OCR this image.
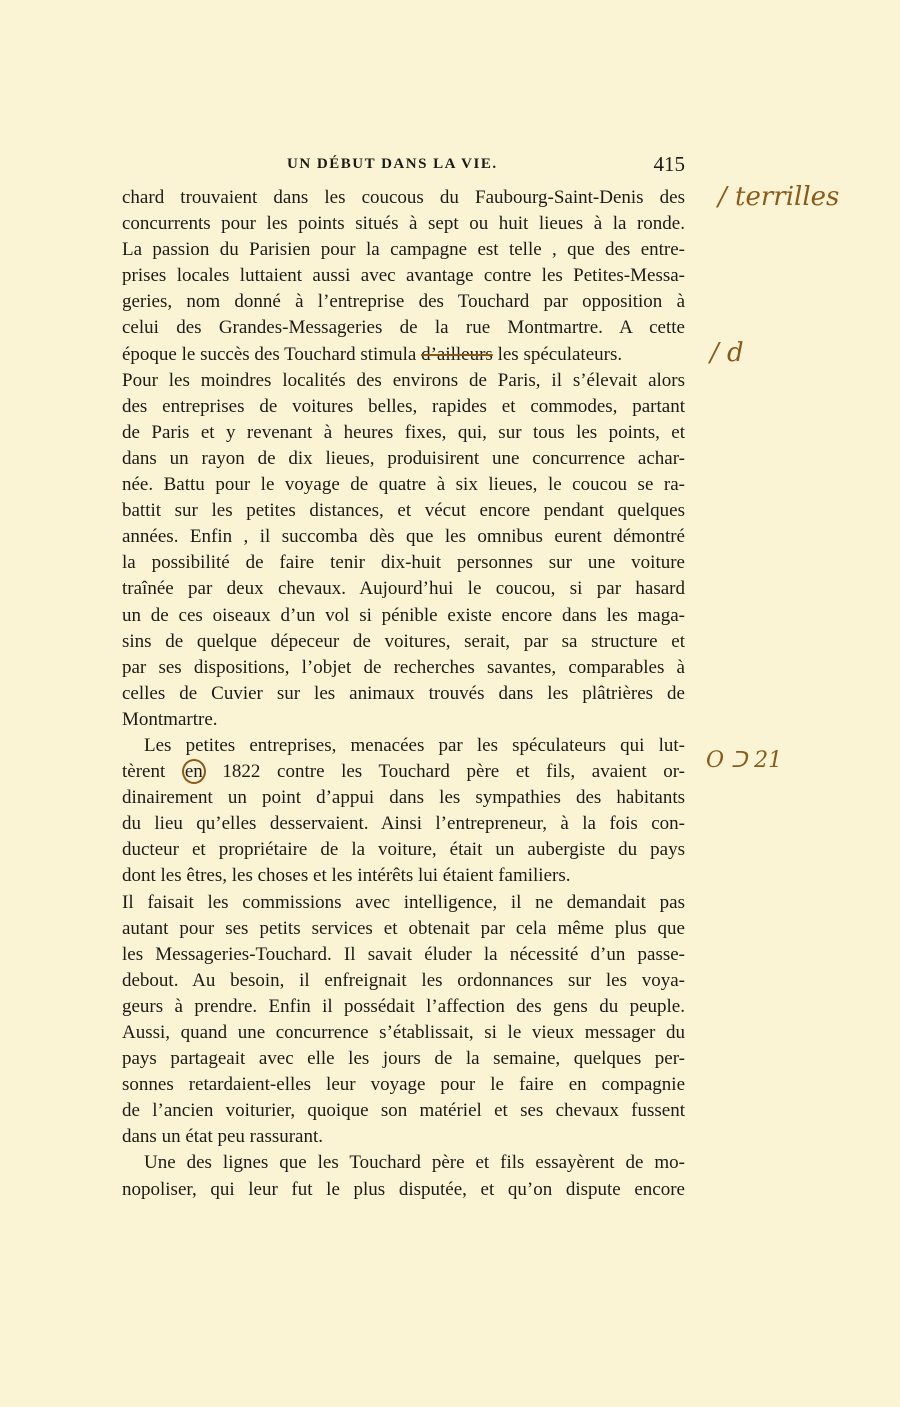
UN DÉBUT DANS LA VIE.	415
chard trouvaient dans les coucous du Faubourg-Saint-Denis des
concurrents pour les points situés à sept ou huit lieues à la ronde.
La passion du Parisien pour la campagne est telle , que des entre-
prises locales luttaient aussi avec avantage contre les Petites-Messa-
geries, nom donné à l’entreprise des Touchard par opposition à
celui des Grandes-Messageries de la rue Montmartre. A cette
époque le succès des Touchard stimula d’ailleurs les spéculateurs.
Pour les moindres localités des environs de Paris, il s’élevait alors
des entreprises de voitures belles, rapides et commodes, partant
de Paris et y revenant à heures fixes, qui, sur tous les points, et
dans un rayon de dix lieues, produisirent une concurrence achar-
née. Battu pour le voyage de quatre à six lieues, le coucou se ra-
battit sur les petites distances, et vécut encore pendant quelques
années. Enfin , il succomba dès que les omnibus eurent démontré
la possibilité de faire tenir dix-huit personnes sur une voiture
traînée par deux chevaux. Aujourd’hui le coucou, si par hasard
un de ces oiseaux d’un vol si pénible existe encore dans les maga-
sins de quelque dépeceur de voitures, serait, par sa structure et
par ses dispositions, l’objet de recherches savantes, comparables à
celles de Cuvier sur les animaux trouvés dans les plâtrières de
Montmartre.
Les petites entreprises, menacées par les spéculateurs qui lut-
tèrent en 1822 contre les Touchard père et fils, avaient or-
dinairement un point d’appui dans les sympathies des habitants
du lieu qu’elles desservaient. Ainsi l’entrepreneur, à la fois con-
ducteur et propriétaire de la voiture, était un aubergiste du pays
dont les êtres, les choses et les intérêts lui étaient familiers.
Il faisait les commissions avec intelligence, il ne demandait pas
autant pour ses petits services et obtenait par cela même plus que
les Messageries-Touchard. Il savait éluder la nécessité d’un passe-
debout. Au besoin, il enfreignait les ordonnances sur les voya-
geurs à prendre. Enfin il possédait l’affection des gens du peuple.
Aussi, quand une concurrence s’établissait, si le vieux messager du
pays partageait avec elle les jours de la semaine, quelques per-
sonnes retardaient-elles leur voyage pour le faire en compagnie
de l’ancien voiturier, quoique son matériel et ses chevaux fussent
dans un état peu rassurant.
Une des lignes que les Touchard père et fils essayèrent de mo-
nopoliser, qui leur fut le plus disputée, et qu’on dispute encore
/ terrilles
/ d
O ᑐ 21
